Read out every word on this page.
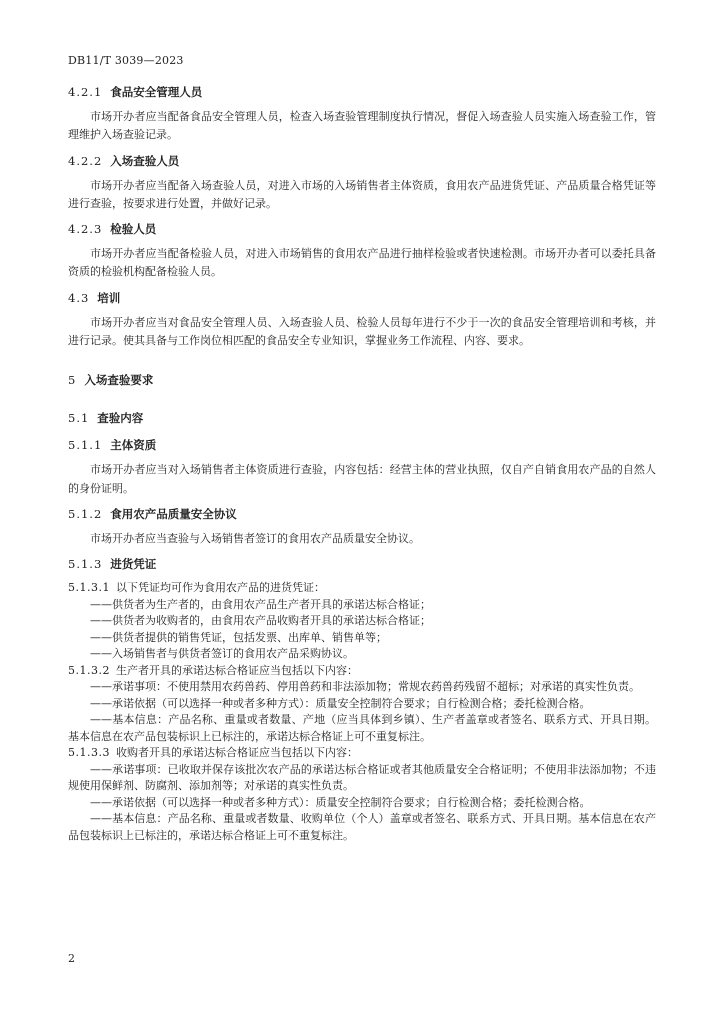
DB11/T 3039—2023
4.2.1 食品安全管理人员

市场开办者应当配备食品安全管理人员，检查入场查验管理制度执行情况，督促入场查验人员实施入场查验工作，管理维护入场查验记录。

4.2.2 入场查验人员

市场开办者应当配备入场查验人员，对进入市场的入场销售者主体资质，食用农产品进货凭证、产品质量合格凭证等进行查验，按要求进行处置，并做好记录。

4.2.3 检验人员

市场开办者应当配备检验人员，对进入市场销售的食用农产品进行抽样检验或者快速检测。市场开办者可以委托具备资质的检验机构配备检验人员。

4.3 培训

市场开办者应当对食品安全管理人员、入场查验人员、检验人员每年进行不少于一次的食品安全管理培训和考核，并进行记录。使其具备与工作岗位相匹配的食品安全专业知识，掌握业务工作流程、内容、要求。

5 入场查验要求
5.1 查验内容
5.1.1 主体资质

市场开办者应当对入场销售者主体资质进行查验，内容包括：经营主体的营业执照，仅自产自销食用农产品的自然人的身份证明。

5.1.2 食用农产品质量安全协议

市场开办者应当查验与入场销售者签订的食用农产品质量安全协议。

5.1.3 进货凭证

5.1.3.1 以下凭证均可作为食用农产品的进货凭证：

——供货者为生产者的，由食用农产品生产者开具的承诺达标合格证；

——供货者为收购者的，由食用农产品收购者开具的承诺达标合格证；

——供货者提供的销售凭证，包括发票、出库单、销售单等；

——入场销售者与供货者签订的食用农产品采购协议。

5.1.3.2 生产者开具的承诺达标合格证应当包括以下内容：

——承诺事项：不使用禁用农药兽药、停用兽药和非法添加物；常规农药兽药残留不超标；对承诺的真实性负责。

——承诺依据（可以选择一种或者多种方式）：质量安全控制符合要求；自行检测合格；委托检测合格。

——基本信息：产品名称、重量或者数量、产地（应当具体到乡镇）、生产者盖章或者签名、联系方式、开具日期。基本信息在农产品包装标识上已标注的，承诺达标合格证上可不重复标注。

5.1.3.3 收购者开具的承诺达标合格证应当包括以下内容：

——承诺事项：已收取并保存该批次农产品的承诺达标合格证或者其他质量安全合格证明；不使用非法添加物；不违规使用保鲜剂、防腐剂、添加剂等；对承诺的真实性负责。

——承诺依据（可以选择一种或者多种方式）：质量安全控制符合要求；自行检测合格；委托检测合格。

——基本信息：产品名称、重量或者数量、收购单位（个人）盖章或者签名、联系方式、开具日期。基本信息在农产品包装标识上已标注的，承诺达标合格证上可不重复标注。

2
